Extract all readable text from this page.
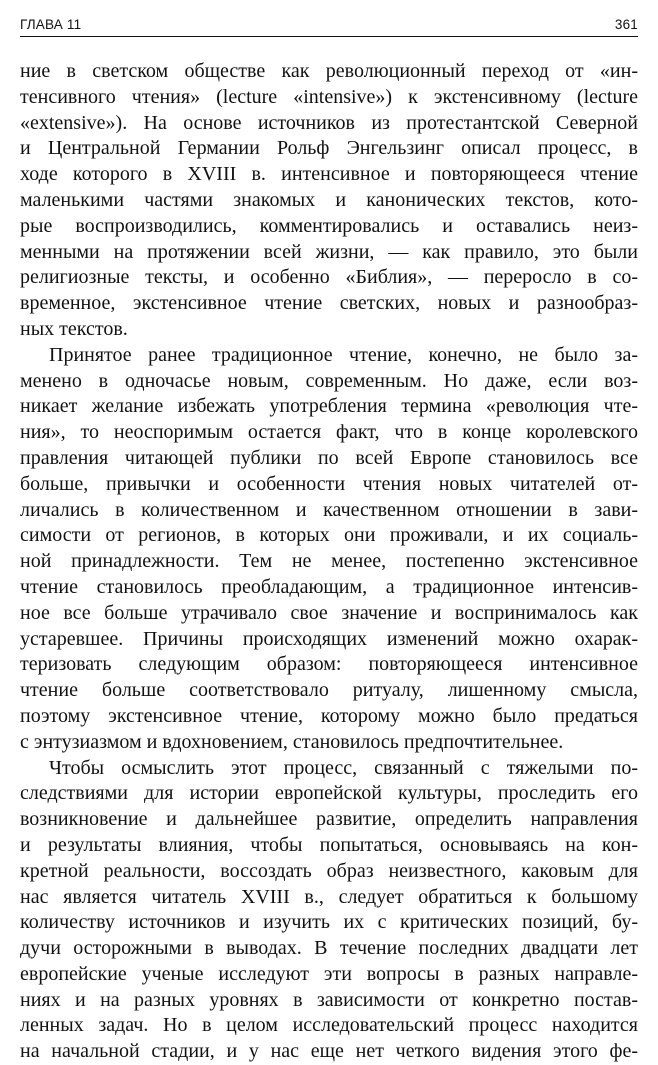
ГЛАВА 11	361
ние в светском обществе как революционный переход от «ин-
тенсивного чтения» (lecture «intensive») к экстенсивному (lecture
«extensive»). На основе источников из протестантской Северной
и Центральной Германии Рольф Энгельзинг описал процесс, в
ходе которого в XVIII в. интенсивное и повторяющееся чтение
маленькими частями знакомых и канонических текстов, кото-
рые воспроизводились, комментировались и оставались неиз-
менными на протяжении всей жизни, — как правило, это были
религиозные тексты, и особенно «Библия», — переросло в со-
временное, экстенсивное чтение светских, новых и разнообраз-
ных текстов.
Принятое ранее традиционное чтение, конечно, не было за-
менено в одночасье новым, современным. Но даже, если воз-
никает желание избежать употребления термина «революция чте-
ния», то неоспоримым остается факт, что в конце королевского
правления читающей публики по всей Европе становилось все
больше, привычки и особенности чтения новых читателей от-
личались в количественном и качественном отношении в зави-
симости от регионов, в которых они проживали, и их социаль-
ной принадлежности. Тем не менее, постепенно экстенсивное
чтение становилось преобладающим, а традиционное интенсив-
ное все больше утрачивало свое значение и воспринималось как
устаревшее. Причины происходящих изменений можно охарак-
теризовать следующим образом: повторяющееся интенсивное
чтение больше соответствовало ритуалу, лишенному смысла,
поэтому экстенсивное чтение, которому можно было предаться
с энтузиазмом и вдохновением, становилось предпочтительнее.
Чтобы осмыслить этот процесс, связанный с тяжелыми по-
следствиями для истории европейской культуры, проследить его
возникновение и дальнейшее развитие, определить направления
и результаты влияния, чтобы попытаться, основываясь на кон-
кретной реальности, воссоздать образ неизвестного, каковым для
нас является читатель XVIII в., следует обратиться к большому
количеству источников и изучить их с критических позиций, бу-
дучи осторожными в выводах. В течение последних двадцати лет
европейские ученые исследуют эти вопросы в разных направле-
ниях и на разных уровнях в зависимости от конкретно постав-
ленных задач. Но в целом исследовательский процесс находится
на начальной стадии, и у нас еще нет четкого видения этого фе-
